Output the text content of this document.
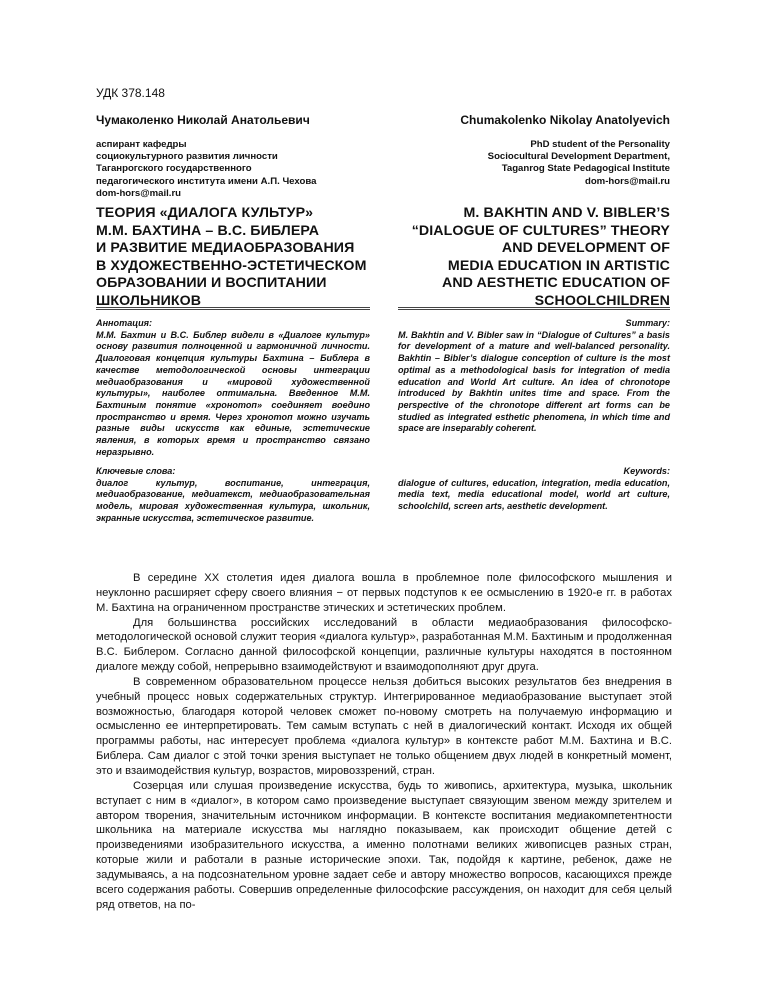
УДК 378.148
Чумаколенко Николай Анатольевич	Chumakolenko Nikolay Anatolyevich
аспирант кафедры
социокультурного развития личности
Таганрогского государственного
педагогического института имени А.П. Чехова
dom-hors@mail.ru
PhD student of the Personality
Sociocultural Development Department,
Taganrog State Pedagogical Institute
dom-hors@mail.ru
ТЕОРИЯ «ДИАЛОГА КУЛЬТУР»
М.М. БАХТИНА – В.С. БИБЛЕРА
И РАЗВИТИЕ МЕДИАОБРАЗОВАНИЯ
В ХУДОЖЕСТВЕННО-ЭСТЕТИЧЕСКОМ
ОБРАЗОВАНИИ И ВОСПИТАНИИ
ШКОЛЬНИКОВ
M. BAKHTIN AND V. BIBLER’S
“DIALOGUE OF CULTURES” THEORY
AND DEVELOPMENT OF
MEDIA EDUCATION IN ARTISTIC
AND AESTHETIC EDUCATION OF
SCHOOLCHILDREN
Аннотация:
М.М. Бахтин и В.С. Библер видели в «Диалоге культур» основу развития полноценной и гармоничной личности. Диалоговая концепция культуры Бахтина – Библера в качестве методологической основы интеграции медиаобразования и «мировой художественной культуры», наиболее оптимальна. Введенное М.М. Бахтиным понятие «хронотоп» соединяет воедино пространство и время. Через хронотоп можно изучать разные виды искусств как единые, эстетические явления, в которых время и пространство связано неразрывно.
Summary:
M. Bakhtin and V. Bibler saw in “Dialogue of Cultures” a basis for development of a mature and well-balanced personality. Bakhtin – Bibler’s dialogue conception of culture is the most optimal as a methodological basis for integration of media education and World Art culture. An idea of chronotope introduced by Bakhtin unites time and space. From the perspective of the chronotope different art forms can be studied as integrated esthetic phenomena, in which time and space are inseparably coherent.
Ключевые слова:
диалог культур, воспитание, интеграция, медиаобразование, медиатекст, медиаобразовательная модель, мировая художественная культура, школьник, экранные искусства, эстетическое развитие.
Keywords:
dialogue of cultures, education, integration, media education, media text, media educational model, world art culture, schoolchild, screen arts, aesthetic development.

В середине XX столетия идея диалога вошла в проблемное поле философского мышления и неуклонно расширяет сферу своего влияния − от первых подступов к ее осмыслению в 1920-е гг. в работах М. Бахтина на ограниченном пространстве этических и эстетических проблем.

Для большинства российских исследований в области медиаобразования философско-методологической основой служит теория «диалога культур», разработанная М.М. Бахтиным и продолженная В.С. Библером. Согласно данной философской концепции, различные культуры находятся в постоянном диалоге между собой, непрерывно взаимодействуют и взаимодополняют друг друга.

В современном образовательном процессе нельзя добиться высоких результатов без внедрения в учебный процесс новых содержательных структур. Интегрированное медиаобразование выступает этой возможностью, благодаря которой человек сможет по-новому смотреть на получаемую информацию и осмысленно ее интерпретировать. Тем самым вступать с ней в диалогический контакт. Исходя их общей программы работы, нас интересует проблема «диалога культур» в контексте работ М.М. Бахтина и В.С. Библера. Сам диалог с этой точки зрения выступает не только общением двух людей в конкретный момент, это и взаимодействия культур, возрастов, мировоззрений, стран.

Созерцая или слушая произведение искусства, будь то живопись, архитектура, музыка, школьник вступает с ним в «диалог», в котором само произведение выступает связующим звеном между зрителем и автором творения, значительным источником информации. В контексте воспитания медиакомпетентности школьника на материале искусства мы наглядно показываем, как происходит общение детей с произведениями изобразительного искусства, а именно полотнами великих живописцев разных стран, которые жили и работали в разные исторические эпохи. Так, подойдя к картине, ребенок, даже не задумываясь, а на подсознательном уровне задает себе и автору множество вопросов, касающихся прежде всего содержания работы. Совершив определенные философские рассуждения, он находит для себя целый ряд ответов, на по-
